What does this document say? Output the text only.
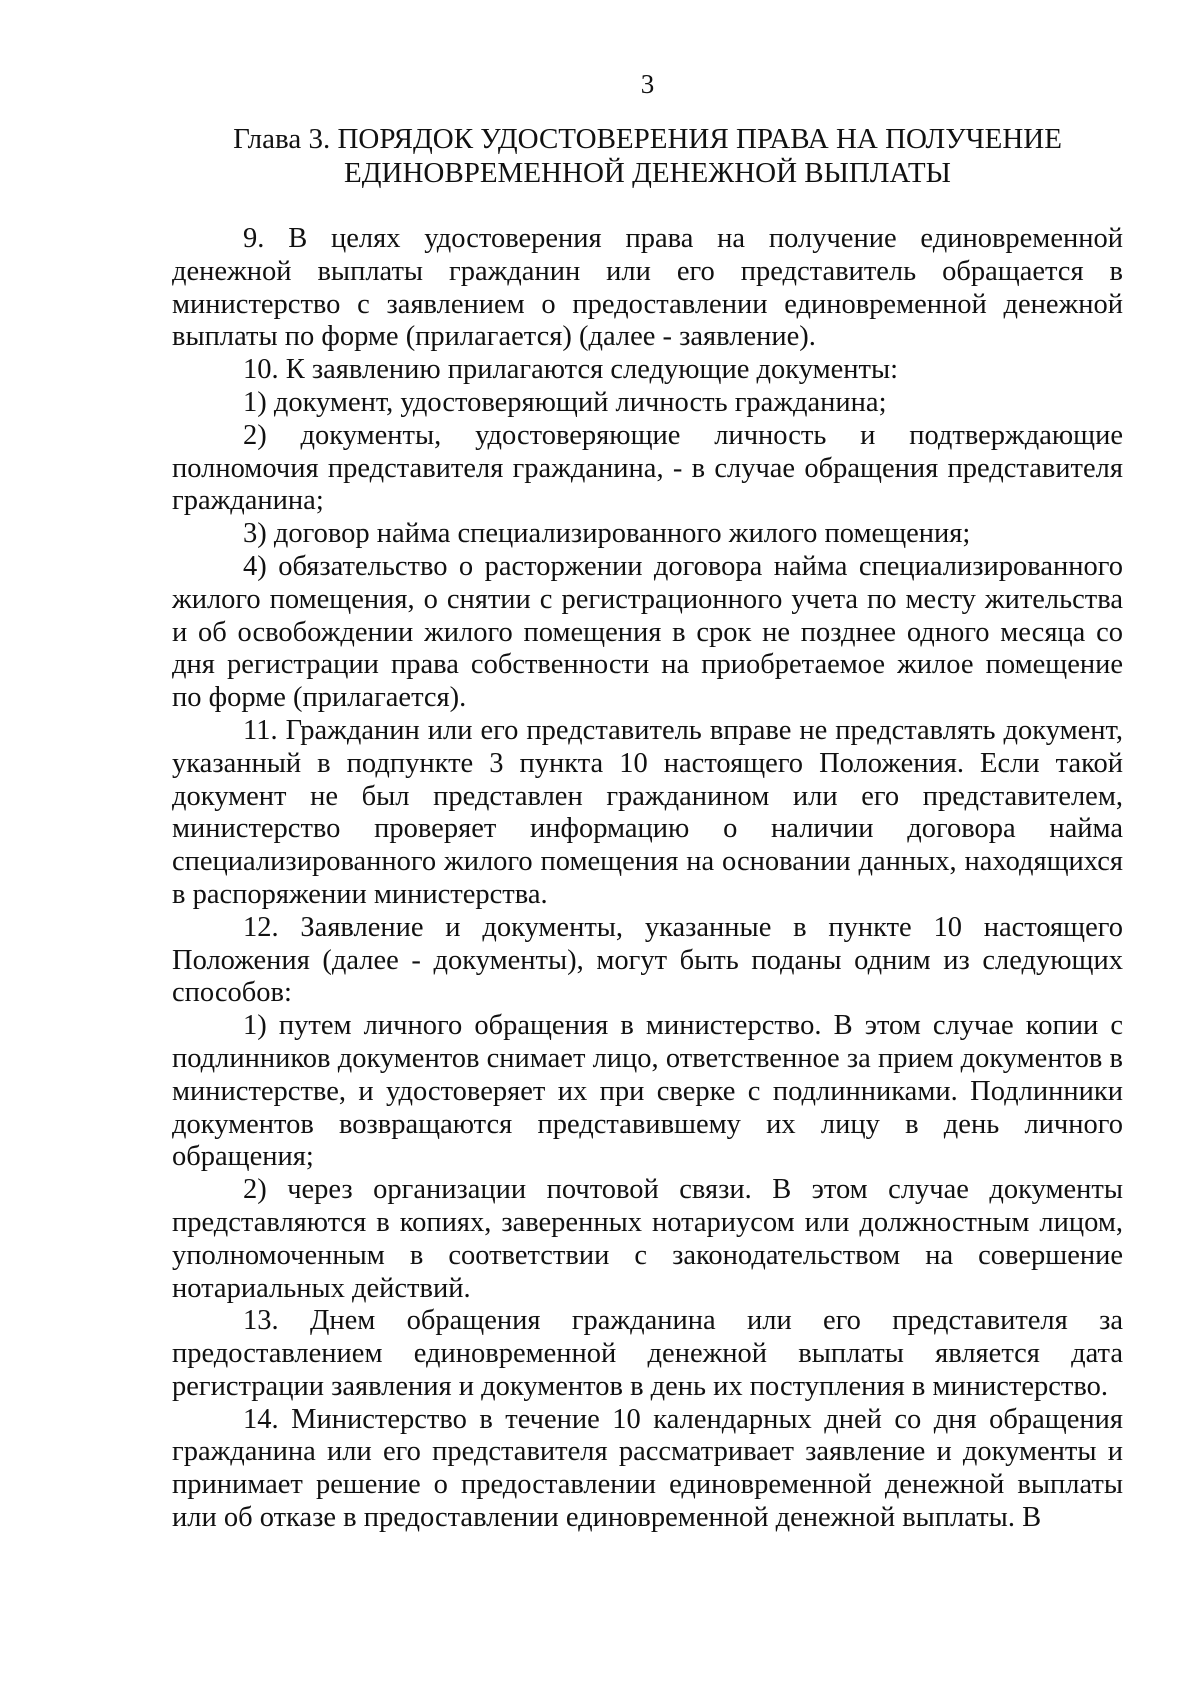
3
Глава 3. ПОРЯДОК УДОСТОВЕРЕНИЯ ПРАВА НА ПОЛУЧЕНИЕ
ЕДИНОВРЕМЕННОЙ ДЕНЕЖНОЙ ВЫПЛАТЫ

9. В целях удостоверения права на получение единовременной денежной выплаты гражданин или его представитель обращается в министерство с заявлением о предоставлении единовременной денежной выплаты по форме (прилагается) (далее - заявление).

10. К заявлению прилагаются следующие документы:

1) документ, удостоверяющий личность гражданина;

2) документы, удостоверяющие личность и подтверждающие полномочия представителя гражданина, - в случае обращения представителя гражданина;

3) договор найма специализированного жилого помещения;

4) обязательство о расторжении договора найма специализированного жилого помещения, о снятии с регистрационного учета по месту жительства и об освобождении жилого помещения в срок не позднее одного месяца со дня регистрации права собственности на приобретаемое жилое помещение по форме (прилагается).

11. Гражданин или его представитель вправе не представлять документ, указанный в подпункте 3 пункта 10 настоящего Положения. Если такой документ не был представлен гражданином или его представителем, министерство проверяет информацию о наличии договора найма специализированного жилого помещения на основании данных, находящихся в распоряжении министерства.

12. Заявление и документы, указанные в пункте 10 настоящего Положения (далее - документы), могут быть поданы одним из следующих способов:

1) путем личного обращения в министерство. В этом случае копии с подлинников документов снимает лицо, ответственное за прием документов в министерстве, и удостоверяет их при сверке с подлинниками. Подлинники документов возвращаются представившему их лицу в день личного обращения;

2) через организации почтовой связи. В этом случае документы представляются в копиях, заверенных нотариусом или должностным лицом, уполномоченным в соответствии с законодательством на совершение нотариальных действий.

13. Днем обращения гражданина или его представителя за предоставлением единовременной денежной выплаты является дата регистрации заявления и документов в день их поступления в министерство.

14. Министерство в течение 10 календарных дней со дня обращения гражданина или его представителя рассматривает заявление и документы и принимает решение о предоставлении единовременной денежной выплаты или об отказе в предоставлении единовременной денежной выплаты. В
